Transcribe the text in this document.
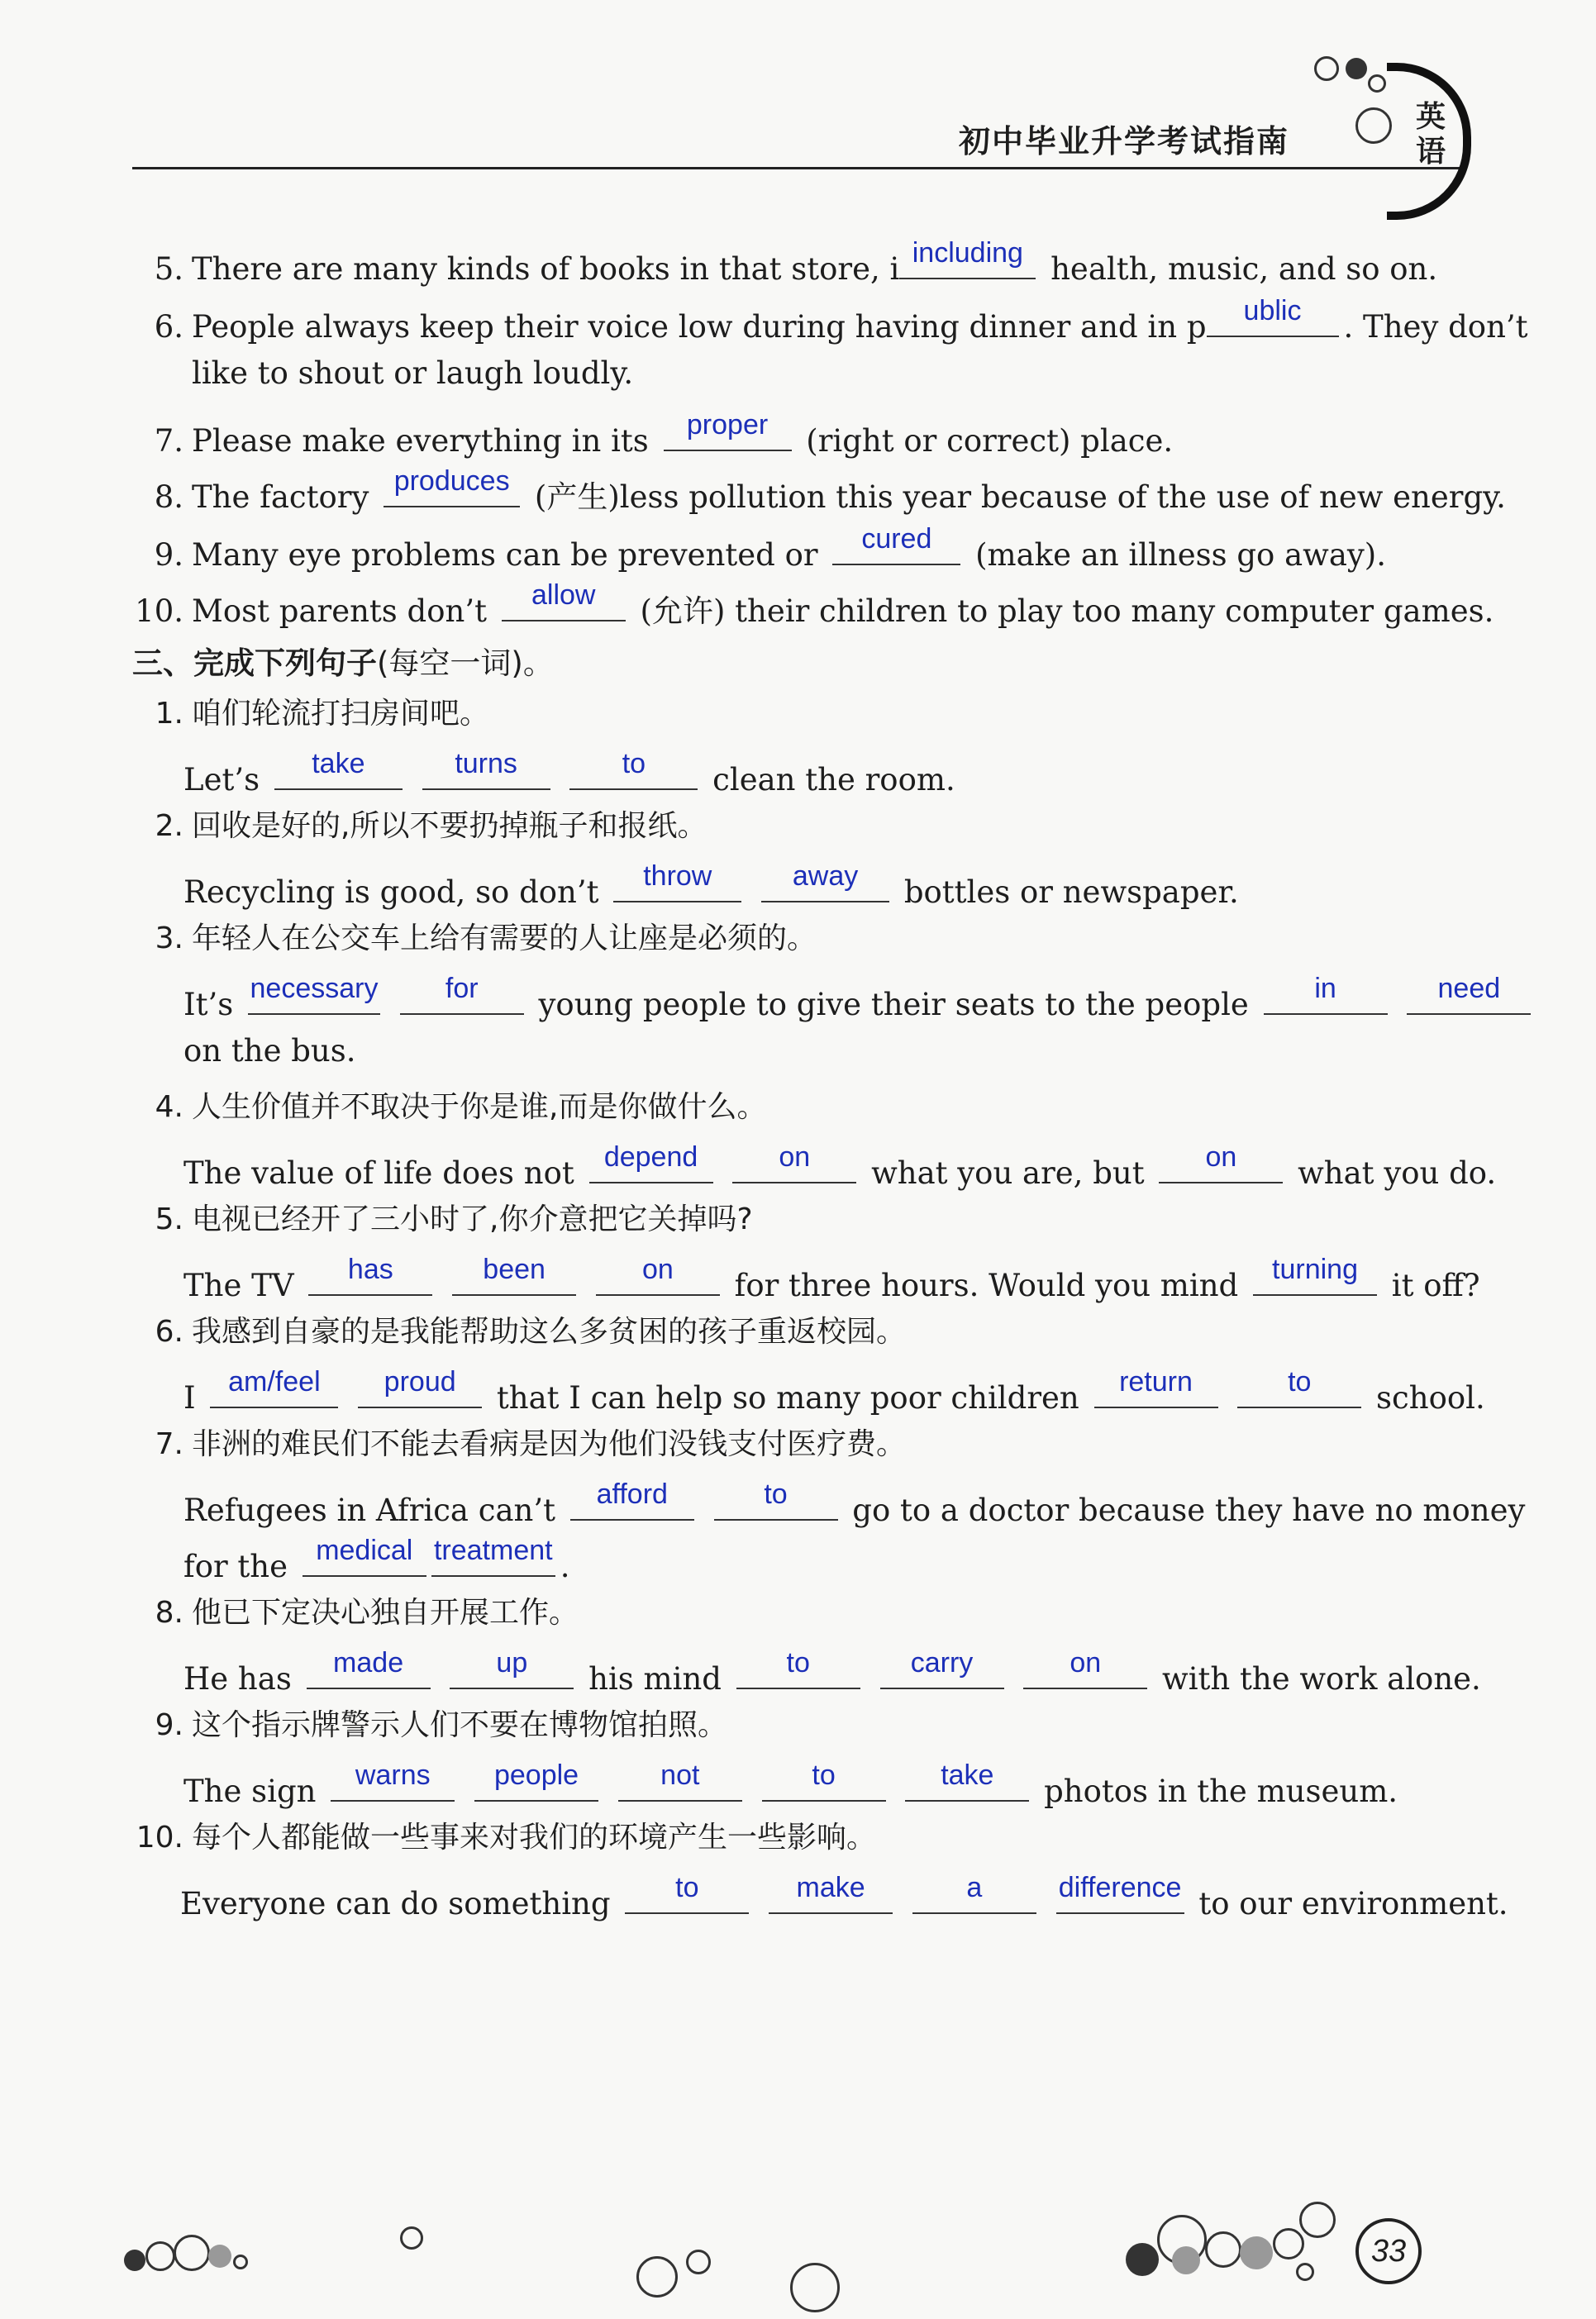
初中毕业升学考试指南
英语
5. There are many kinds of books in that store, i including health, music, and so on.
6. People always keep their voice low during having dinner and in p	ublic	. They don’t
like to shout or laugh loudly.
7. Please make everything in its	proper (right or correct) place.
8. The factory produces (产生)less pollution this year because of the use of new energy.
9. Many eye problems can be prevented or	cured	(make an illness go away).
10. Most parents don’t	allow	(允许) their children to play too many computer games.
三、完成下列句子(每空一词)。
1. 咱们轮流打扫房间吧。
Let’s	take
	turns
	to	clean the room.
2. 回收是好的,所以不要扔掉瓶子和报纸。
Recycling is good, so don’t	throw
	away	bottles or newspaper.
3. 年轻人在公交车上给有需要的人让座是必须的。
It’s necessary
	for	young people to give their seats to the people	in
	need
on the bus.
4. 人生价值并不取决于你是谁,而是你做什么。
The value of life does not	depend
	on	what you are, but	on	what you do.
5. 电视已经开了三小时了,你介意把它关掉吗?
The TV	has
	been
	on	for three hours. Would you mind	turning	it off?
6. 我感到自豪的是我能帮助这么多贫困的孩子重返校园。
I	am/feel
	proud	that I can help so many poor children	return
	to	school.
7. 非洲的难民们不能去看病是因为他们没钱支付医疗费。
Refugees in Africa can’t	afford
	to	go to a doctor because they have no money
for the	medical treatment .
8. 他已下定决心独自开展工作。
He has	made
	up	his mind	to
	carry
	on	with the work alone.
9. 这个指示牌警示人们不要在博物馆拍照。
The sign	warns
	people
	not
	to
	take	photos in the museum.
10. 每个人都能做一些事来对我们的环境产生一些影响。
Everyone can do something	to
	make
	a
	difference to our environment.
33
